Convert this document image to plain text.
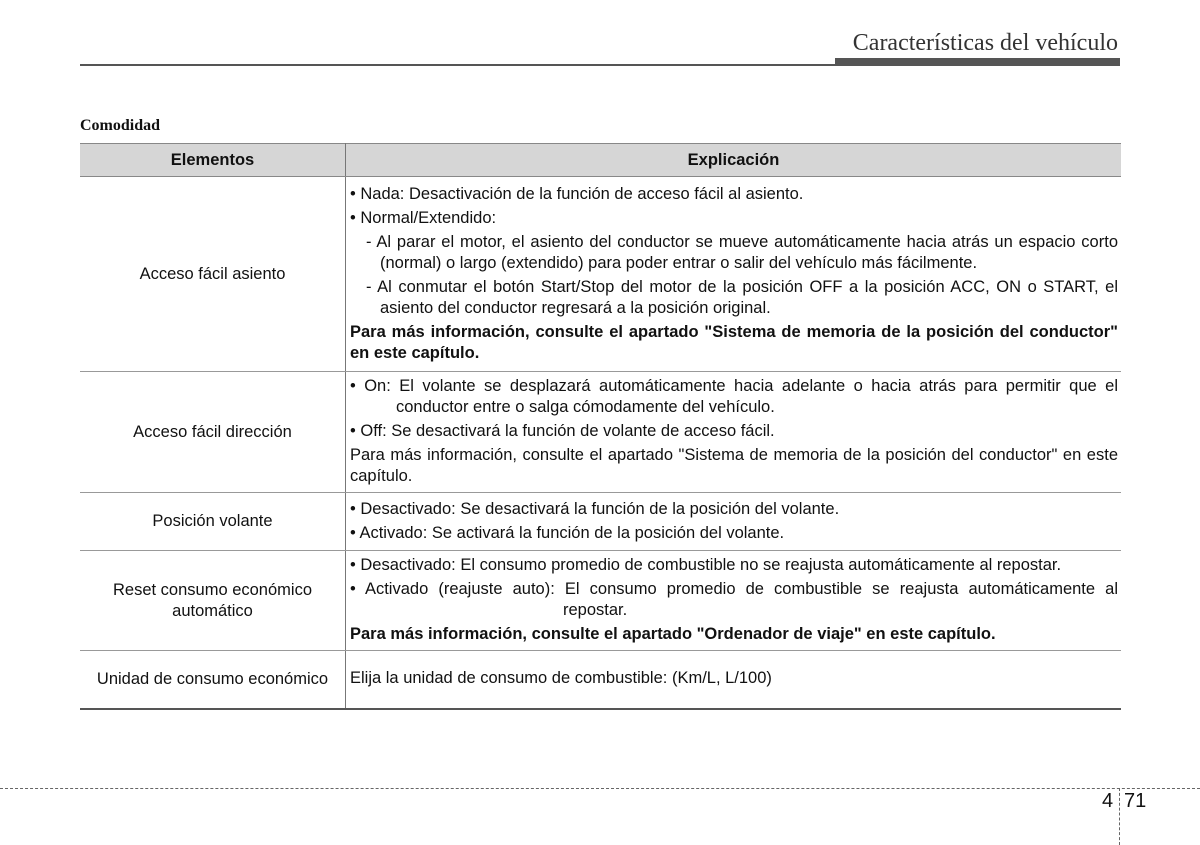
Características del vehículo
Comodidad
Elementos	Explicación
Acceso fácil asiento	• Nada: Desactivación de la función de acceso fácil al asiento.
• Normal/Extendido:
- Al parar el motor, el asiento del conductor se mueve automáticamente hacia atrás un espacio corto (normal) o largo (extendido) para poder entrar o salir del vehículo más fácilmente.
- Al conmutar el botón Start/Stop del motor de la posición OFF a la posición ACC, ON o START, el asiento del conductor regresará a la posición original.
Para más información, consulte el apartado "Sistema de memoria de la posición del conductor" en este capítulo.

Acceso fácil dirección	• On: El volante se desplazará automáticamente hacia adelante o hacia atrás para permitir que el conductor entre o salga cómodamente del vehículo.
• Off: Se desactivará la función de volante de acceso fácil.
Para más información, consulte el apartado "Sistema de memoria de la posición del conductor" en este capítulo.

Posición volante	• Desactivado: Se desactivará la función de la posición del volante.
• Activado: Se activará la función de la posición del volante.

Reset consumo económico automático	• Desactivado: El consumo promedio de combustible no se reajusta automáticamente al repostar.
• Activado (reajuste auto): El consumo promedio de combustible se reajusta automáticamente al repostar.
Para más información, consulte el apartado "Ordenador de viaje" en este capítulo.

Unidad de consumo económico	Elija la unidad de consumo de combustible: (Km/L, L/100)
4 71
